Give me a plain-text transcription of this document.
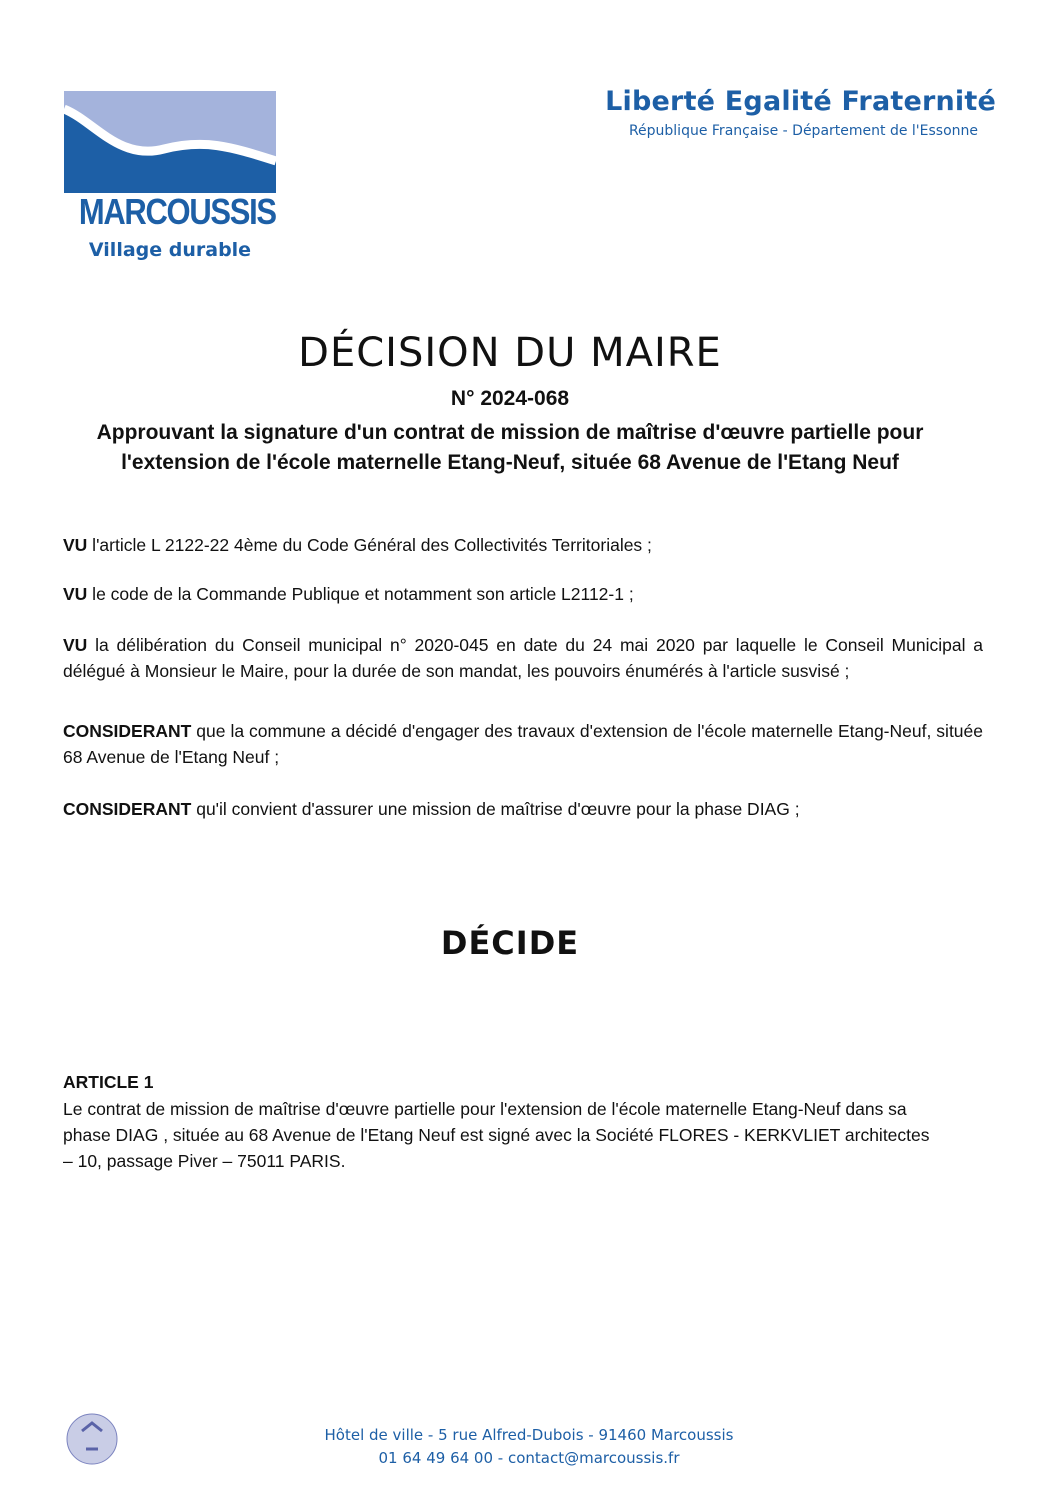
MARCOUSSIS
Village durable
Liberté Egalité Fraternité
République Française - Département de l'Essonne
DÉCISION DU MAIRE
N° 2024-068
Approuvant la signature d'un contrat de mission de maîtrise d'œuvre partielle pour
l'extension de l'école maternelle Etang-Neuf, située 68 Avenue de l'Etang Neuf
VU l'article L 2122-22 4ème du Code Général des Collectivités Territoriales ;
VU le code de la Commande Publique et notamment son article L2112-1 ;
VU la délibération du Conseil municipal n° 2020-045 en date du 24 mai 2020 par laquelle le Conseil Municipal a délégué à Monsieur le Maire, pour la durée de son mandat, les pouvoirs énumérés à l'article susvisé ;
CONSIDERANT que la commune a décidé d'engager des travaux d'extension de l'école maternelle Etang-Neuf, située 68 Avenue de l'Etang Neuf ;
CONSIDERANT qu'il convient d'assurer une mission de maîtrise d'œuvre pour la phase DIAG ;
DÉCIDE
ARTICLE 1
Le contrat de mission de maîtrise d'œuvre partielle pour l'extension de l'école maternelle Etang-Neuf dans sa
phase DIAG , située au 68 Avenue de l'Etang Neuf est signé avec la Société FLORES - KERKVLIET architectes
– 10, passage Piver – 75011 PARIS.
Hôtel de ville - 5 rue Alfred-Dubois - 91460 Marcoussis
01 64 49 64 00 - contact@marcoussis.fr
